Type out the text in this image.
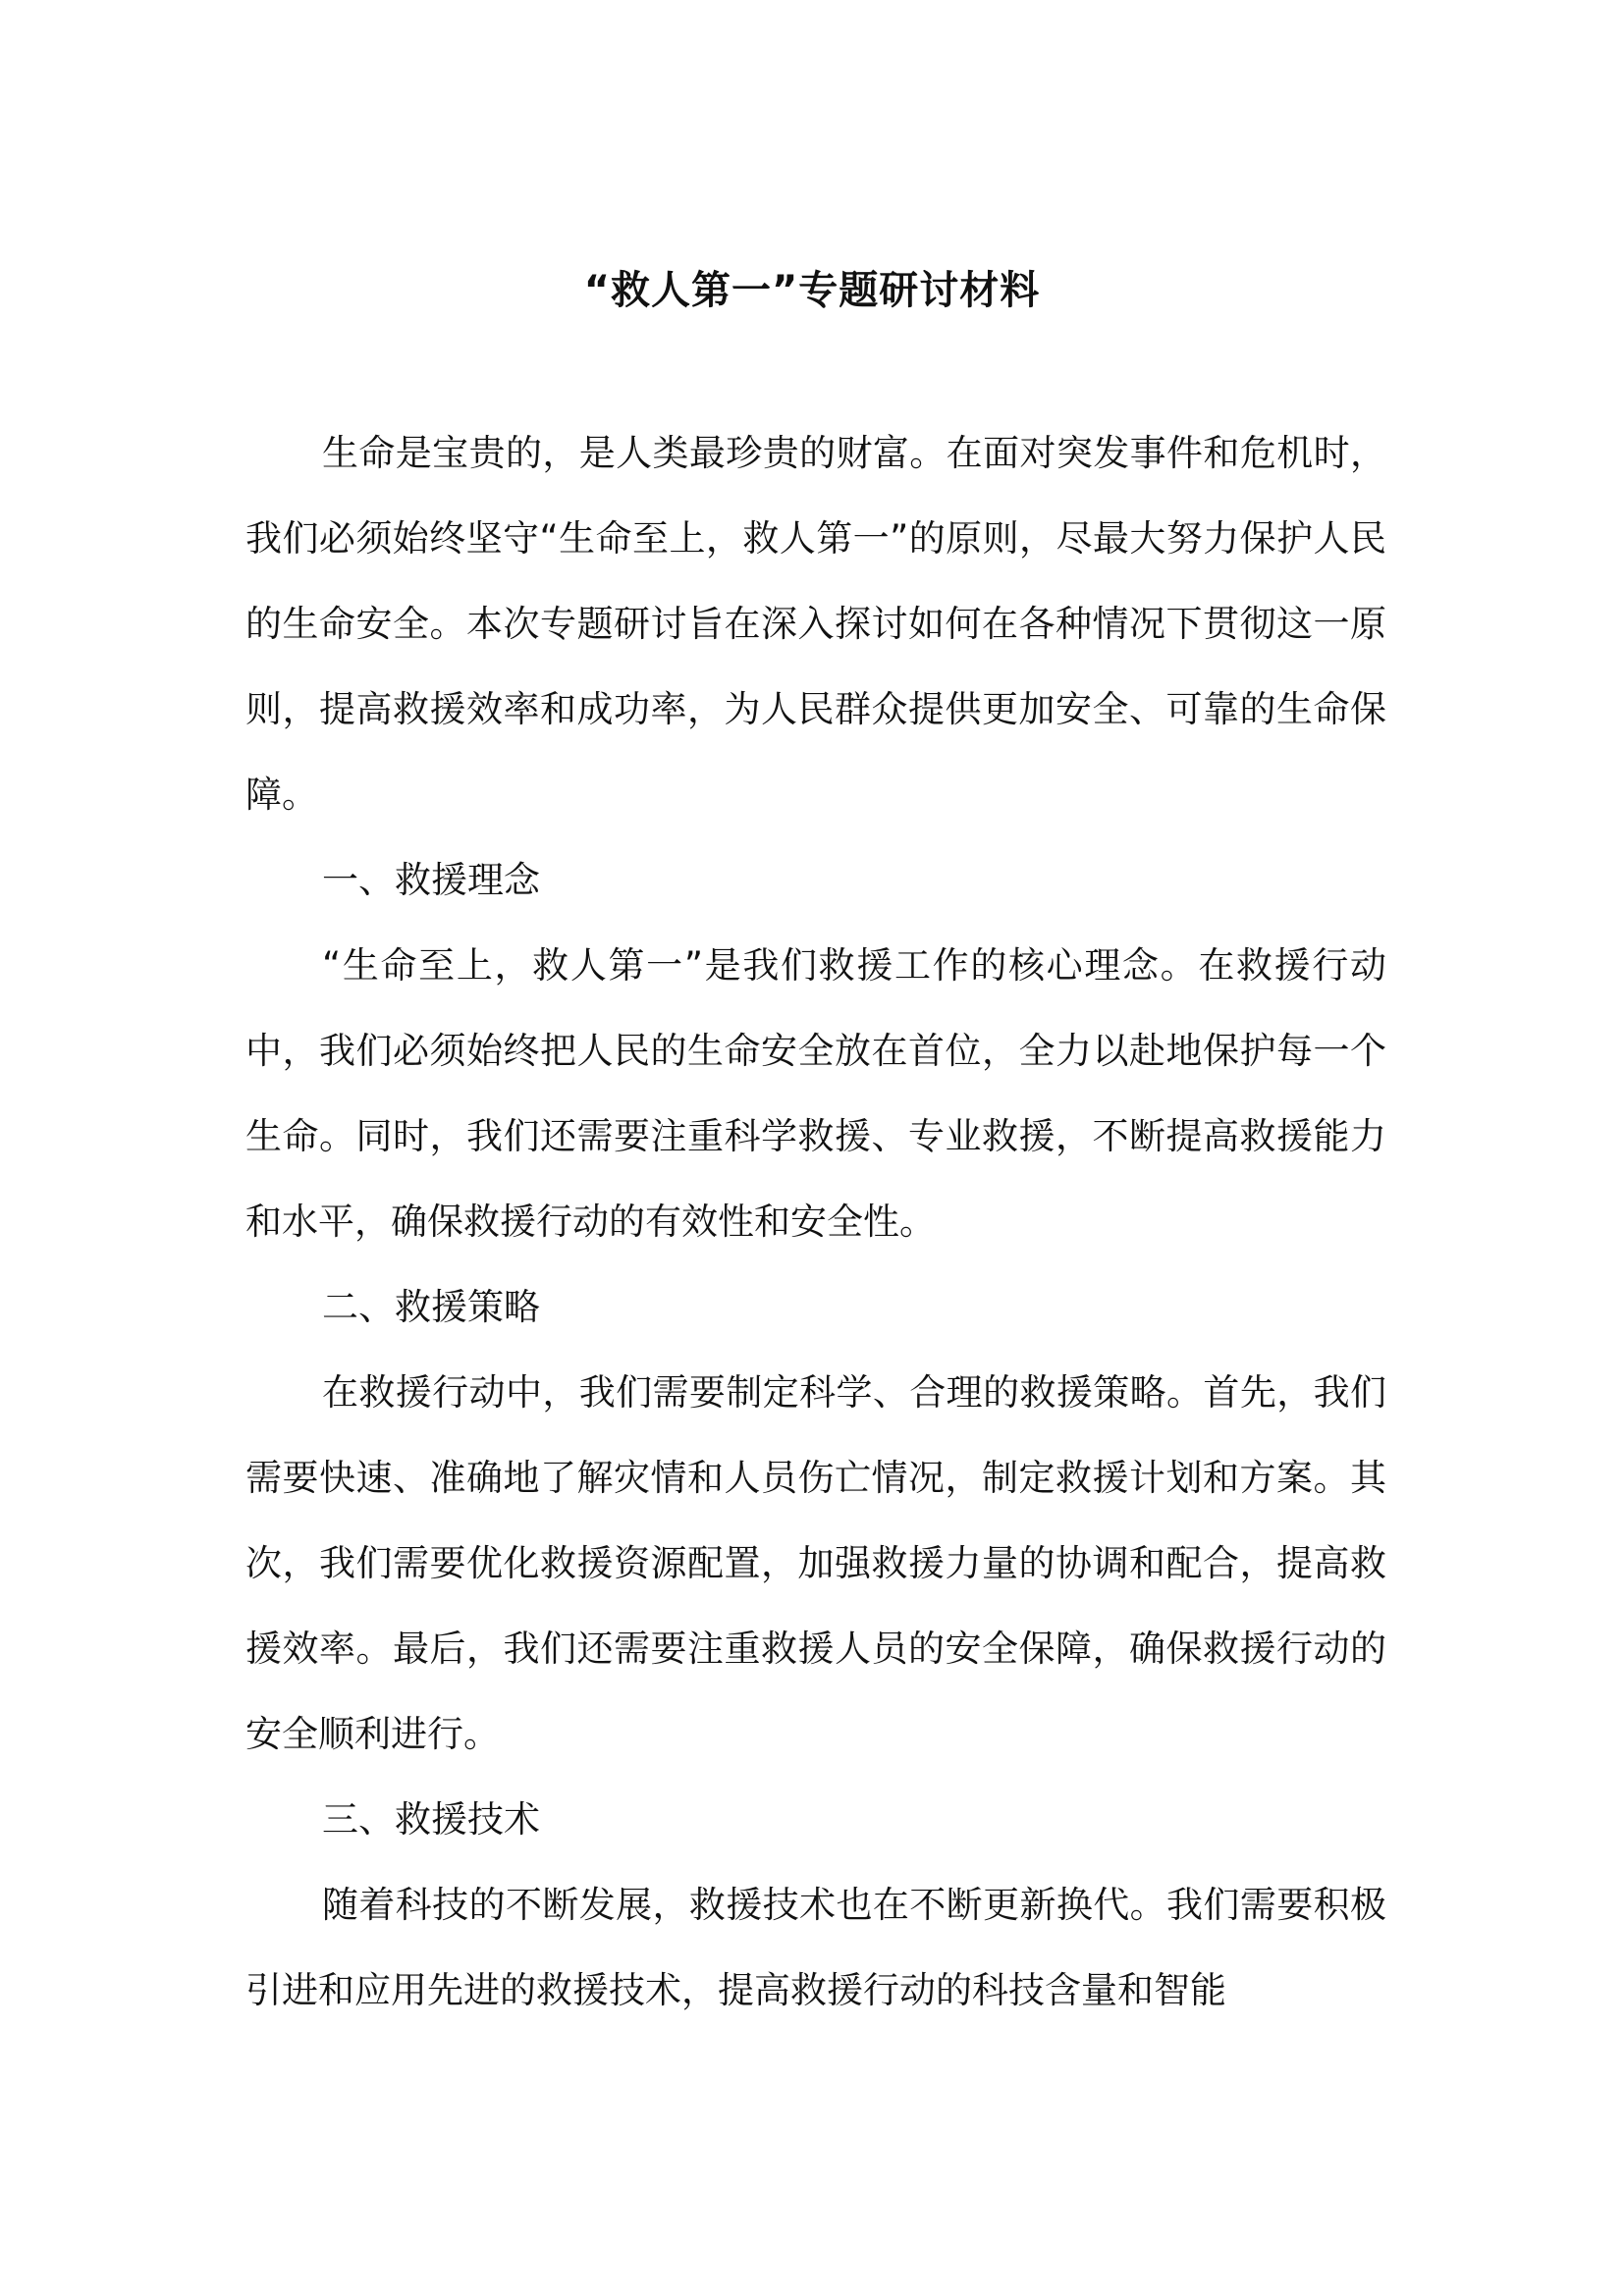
“救人第一”专题研讨材料

生命是宝贵的，是人类最珍贵的财富。在面对突发事件和危机时，我们必须始终坚守“生命至上，救人第一”的原则，尽最大努力保护人民的生命安全。本次专题研讨旨在深入探讨如何在各种情况下贯彻这一原则，提高救援效率和成功率，为人民群众提供更加安全、可靠的生命保障。

一、救援理念

“生命至上，救人第一”是我们救援工作的核心理念。在救援行动中，我们必须始终把人民的生命安全放在首位，全力以赴地保护每一个生命。同时，我们还需要注重科学救援、专业救援，不断提高救援能力和水平，确保救援行动的有效性和安全性。

二、救援策略

在救援行动中，我们需要制定科学、合理的救援策略。首先，我们需要快速、准确地了解灾情和人员伤亡情况，制定救援计划和方案。其次，我们需要优化救援资源配置，加强救援力量的协调和配合，提高救援效率。最后，我们还需要注重救援人员的安全保障，确保救援行动的安全顺利进行。

三、救援技术

随着科技的不断发展，救援技术也在不断更新换代。我们需要积极引进和应用先进的救援技术，提高救援行动的科技含量和智能
